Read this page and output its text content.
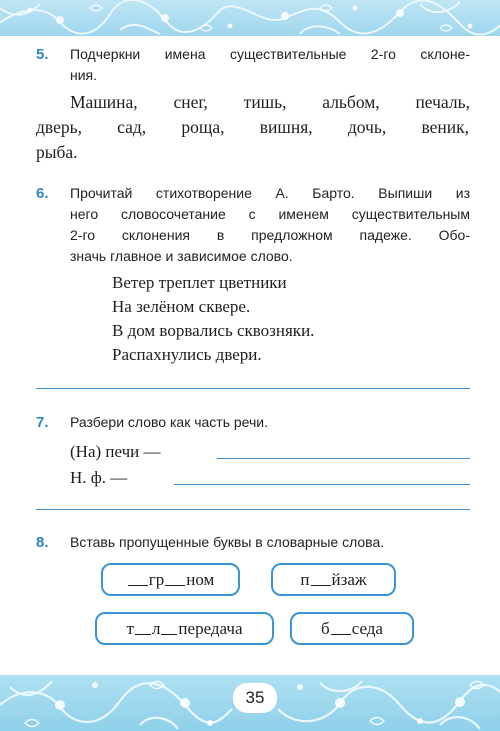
5. Подчеркни имена существительные 2-го склоне-
ния.
Машина, снег, тишь, альбом, печаль,
дверь, сад, роща, вишня, дочь, веник,
рыба.
6. Прочитай стихотворение А. Барто. Выпиши из
него словосочетание с именем существительным
2-го склонения в предложном падеже. Обо-
значь главное и зависимое слово.
Ветер треплет цветники
На зелёном сквере.
В дом ворвались сквозняки.
Распахнулись двери.
7. Разбери слово как часть речи.
(На) печи —
Н. ф. —
8. Вставь пропущенные буквы в словарные слова.
гр ном	п йзаж
т л передача	б седа
35
